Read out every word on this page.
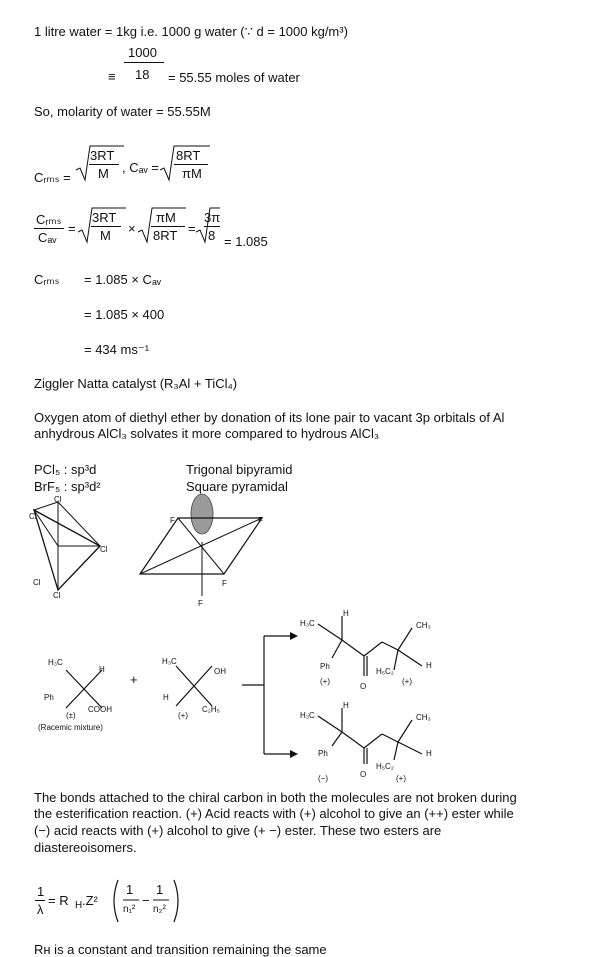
1 litre water = 1kg i.e. 1000 g water (∵ d = 1000 kg/m³)
1000
≡ 18 = 55.55 moles of water
So, molarity of water = 55.55M
Cᵣₘₛ =
3RT
M , Cₐᵥ =
8RT
πM
Cᵣₘₛ
Cₐᵥ
=
3RT
M ×
πM
8RT =
3π
8 = 1.085
Cᵣₘₛ = 1.085 × Cₐᵥ
= 1.085 × 400
= 434 ms⁻¹
Ziggler Natta catalyst (R₃Al + TiCl₄)
Oxygen atom of diethyl ether by donation of its lone pair to vacant 3p orbitals of Al
anhydrous AlCl₃ solvates it more compared to hydrous AlCl₃
PCl₅ : sp³d
BrF₅ : sp³d²
Trigonal bipyramid
Square pyramidal
Cl
Cl
Cl
Cl
Cl
F	F
F
F
H₃C
H
Ph
COOH
(±)
(Racemic mixture)
+
H₃C
OH
H
C₂H₅
(+)
H₃C
H
Ph
(+)
O
H₅C₂
(+)
CH₃
H
H₃C
H
Ph
(−)	O
H₅C₂
(+)
CH₃
H
The bonds attached to the chiral carbon in both the molecules are not broken during
the esterification reaction. (+) Acid reacts with (+) alcohol to give an (++) ester while
(−) acid reacts with (+) alcohol to give (+ −) ester. These two esters are
diastereoisomers.
1
λ
= R H .Z²
1
n₁²
−
1
n₂²
Rн is a constant and transition remaining the same
